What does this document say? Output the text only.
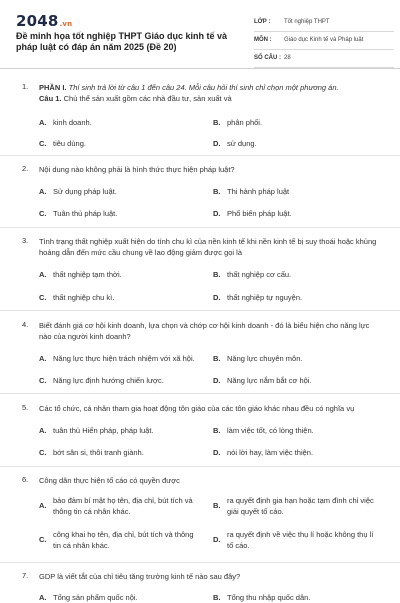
2048.vn
Đề minh họa tốt nghiệp THPT Giáo dục kinh tế và pháp luật có đáp án năm 2025 (Đề 20)
LỚP : Tốt nghiệp THPT
MÔN : Giáo dục Kinh tế và Pháp luật
SỐ CÂU : 28
1. PHẦN I. Thí sinh trả lời từ câu 1 đến câu 24. Mỗi câu hỏi thí sinh chỉ chọn một phương án.
Câu 1. Chủ thể sản xuất gồm các nhà đầu tư, sản xuất và
A. kinh doanh.	B. phân phối.
C. tiêu dùng.	D. sử dụng.
2. Nội dung nào không phải là hình thức thực hiện pháp luật?
A. Sử dụng pháp luật.	B. Thi hành pháp luật
C. Tuân thủ pháp luật.	D. Phổ biến pháp luật.
3. Tình trạng thất nghiệp xuất hiện do tính chu kì của nền kinh tế khi nền kinh tế bị suy thoái hoặc khủng hoảng dẫn đến mức cầu chung về lao động giảm được gọi là
A. thất nghiệp tạm thời.	B. thất nghiệp cơ cấu.
C. thất nghiệp chu kì.	D. thất nghiệp tự nguyện.
4. Biết đánh giá cơ hội kinh doanh, lựa chọn và chớp cơ hội kinh doanh - đó là biểu hiện cho năng lực nào của người kinh doanh?
A. Năng lực thực hiện trách nhiệm với xã hội. B. Năng lực chuyên môn.
C. Năng lực định hướng chiến lược.	D. Năng lực nắm bắt cơ hội.
5. Các tổ chức, cá nhân tham gia hoạt động tôn giáo của các tôn giáo khác nhau đều có nghĩa vụ
A. tuân thủ Hiến pháp, pháp luật.	B. làm việc tốt, có lòng thiện.
C. bớt sân si, thôi tranh giành.	D. nói lời hay, làm việc thiện.
6. Công dân thực hiện tố cáo có quyền được
A.
bảo đảm bí mật họ tên, địa chỉ, bút tích và thông tin cá nhân khác.
B.
ra quyết định gia hạn hoặc tạm đình chỉ việc giải quyết tố cáo.
C.
công khai họ tên, địa chỉ, bút tích và thông tin cá nhân khác.
D.
ra quyết định về việc thụ lí hoặc không thụ lí tố cáo.
7. GDP là viết tắt của chỉ tiêu tăng trưởng kinh tế nào sau đây?
A. Tổng sản phẩm quốc nội.	B. Tổng thu nhập quốc dân.
